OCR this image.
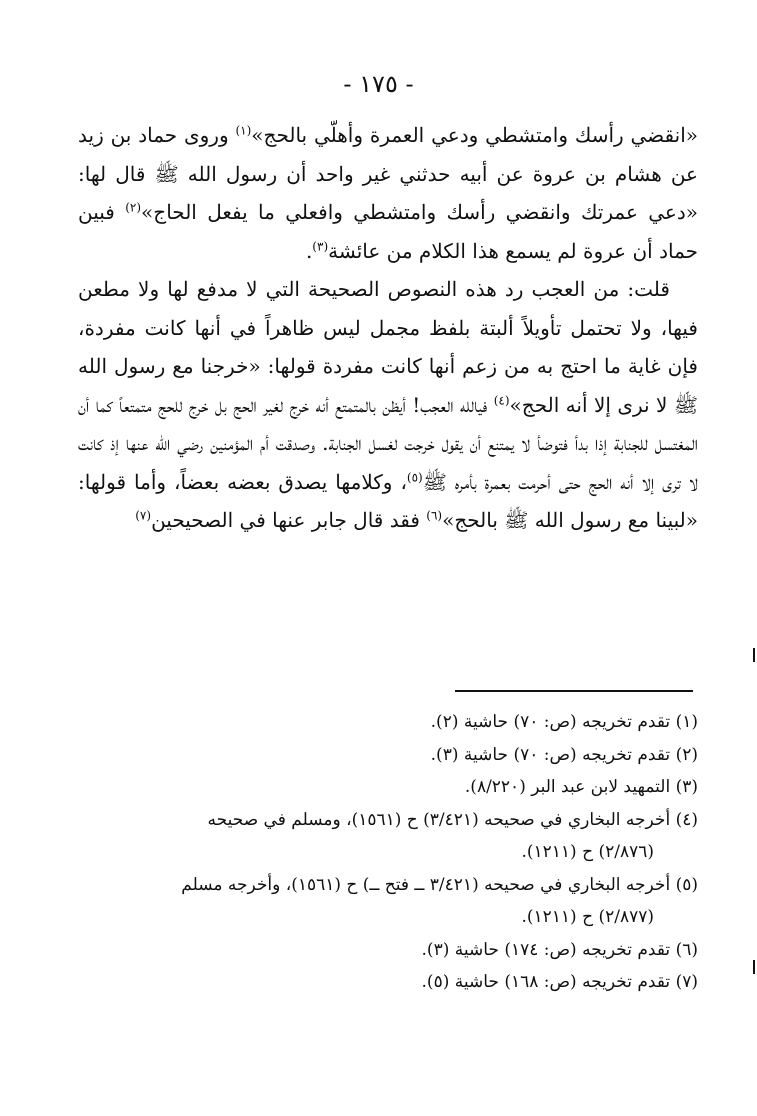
- ١٧٥ -

«انقضي رأسك وامتشطي ودعي العمرة وأهلّي بالحج»$^{(١)}$ وروى حماد بن زيد عن هشام بن عروة عن أبيه حدثني غير واحد أن رسول الله ﷺ قال لها: «دعي عمرتك وانقضي رأسك وامتشطي وافعلي ما يفعل الحاج»$^{(٢)}$ فبين حماد أن عروة لم يسمع هذا الكلام من عائشة$^{(٣)}$.

قلت: من العجب رد هذه النصوص الصحيحة التي لا مدفع لها ولا مطعن فيها، ولا تحتمل تأويلاً ألبتة بلفظ مجمل ليس ظاهراً في أنها كانت مفردة، فإن غاية ما احتج به من زعم أنها كانت مفردة قولها: «خرجنا مع رسول الله ﷺ لا نرى إلا أنه الحج»$^{(٤)}$ فيالله العجب! أيظن بالمتمتع أنه خرج لغير الحج بل خرج للحج متمتعاً كما أن المغتسل للجنابة إذا بدأ فتوضأ لا يمتنع أن يقول خرجت لغسل الجنابة. وصدقت أم المؤمنين رضي الله عنها إذ كانت لا ترى إلا أنه الحج حتى أحرمت بعمرة بأمره ﷺ$^{(٥)}$، وكلامها يصدق بعضه بعضاً، وأما قولها: «لبينا مع رسول الله ﷺ بالحج»$^{(٦)}$ فقد قال جابر عنها في الصحيحين$^{(٧)}$

(١) تقدم تخريجه (ص: ٧٠) حاشية (٢).
(٢) تقدم تخريجه (ص: ٧٠) حاشية (٣).
(٣) التمهيد لابن عبد البر (٨/٢٢٠).
(٤) أخرجه البخاري في صحيحه (٣/٤٢١) ح (١٥٦١)، ومسلم في صحيحه
(٢/٨٧٦) ح (١٢١١).
(٥) أخرجه البخاري في صحيحه (٣/٤٢١ ــ فتح ــ) ح (١٥٦١)، وأخرجه مسلم
(٢/٨٧٧) ح (١٢١١).
(٦) تقدم تخريجه (ص: ١٧٤) حاشية (٣).
(٧) تقدم تخريجه (ص: ١٦٨) حاشية (٥).
